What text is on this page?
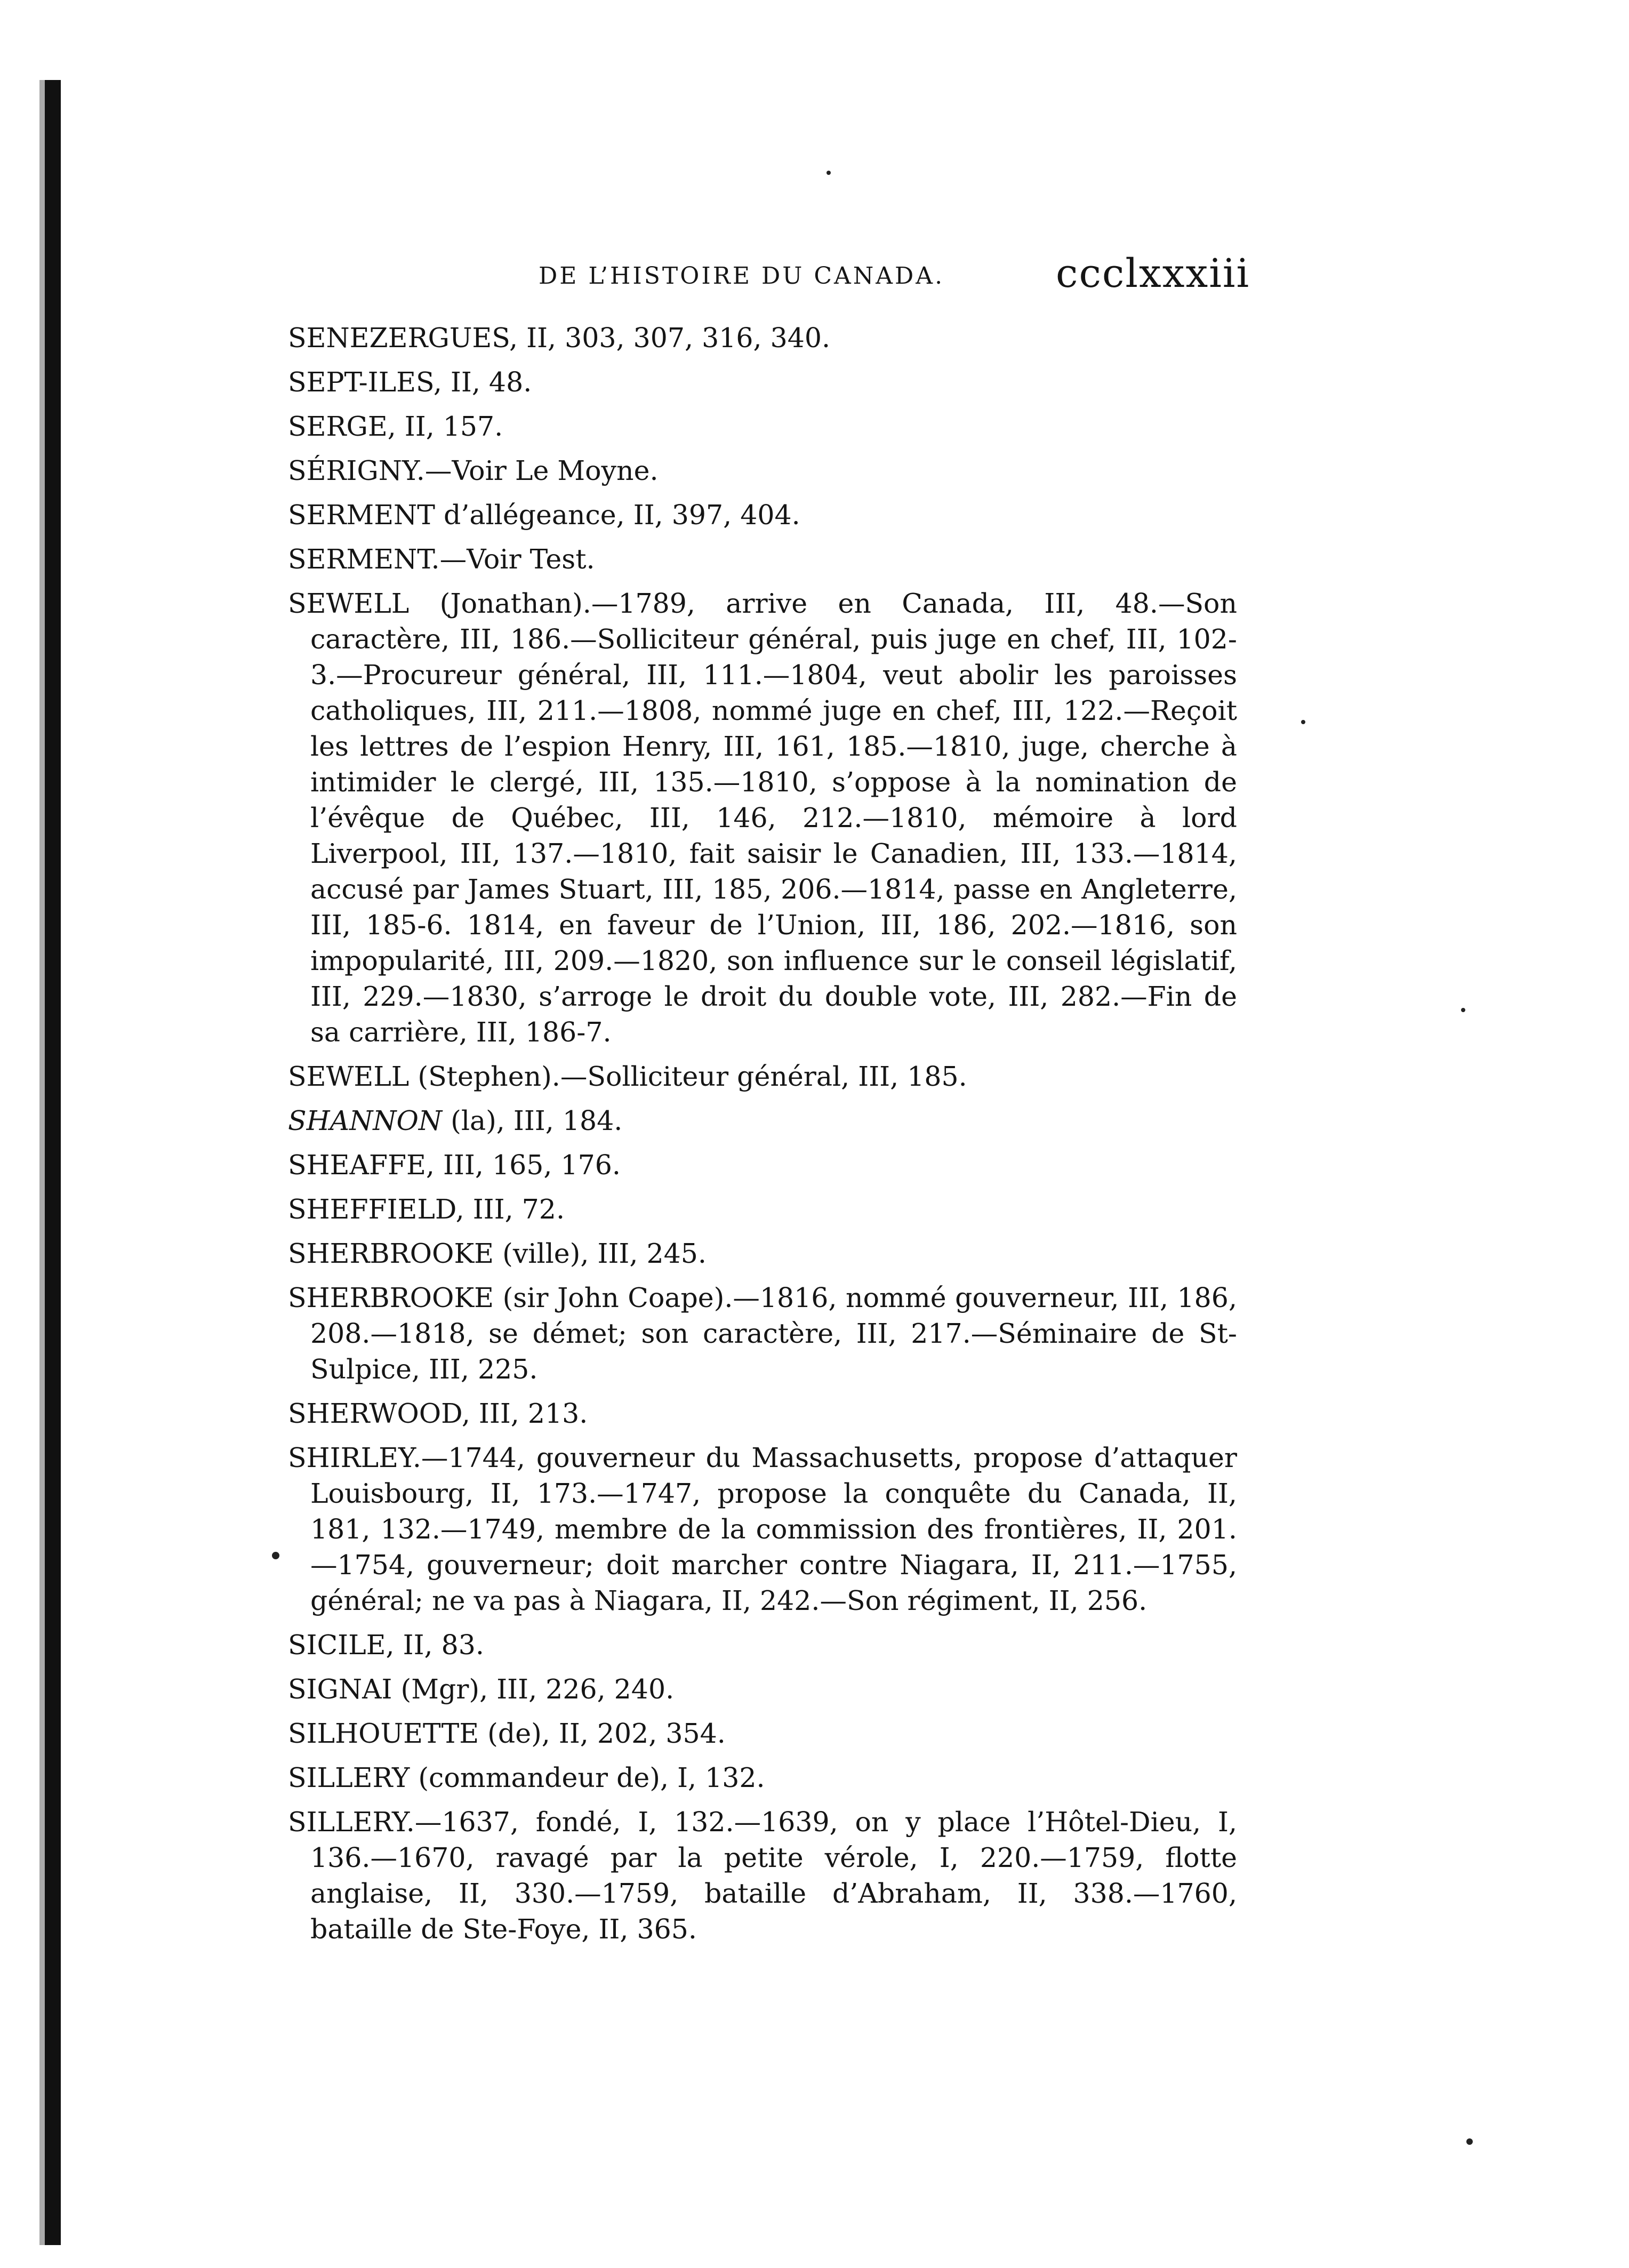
DE L’HISTOIRE DU CANADA.	ccclxxxiii

SENEZERGUES, II, 303, 307, 316, 340.

SEPT-ILES, II, 48.

SERGE, II, 157.

SÉRIGNY.—Voir Le Moyne.

SERMENT d’allégeance, II, 397, 404.

SERMENT.—Voir Test.

SEWELL (Jonathan).—1789, arrive en Canada, III, 48.—Son caractère, III, 186.—Solliciteur général, puis juge en chef, III, 102-3.—Procureur général, III, 111.—1804, veut abolir les paroisses catholiques, III, 211.—1808, nommé juge en chef, III, 122.—Reçoit les lettres de l’espion Henry, III, 161, 185.—1810, juge, cherche à intimider le clergé, III, 135.—1810, s’oppose à la nomination de l’évêque de Québec, III, 146, 212.—1810, mémoire à lord Liverpool, III, 137.—1810, fait saisir le Canadien, III, 133.—1814, accusé par James Stuart, III, 185, 206.—1814, passe en Angleterre, III, 185-6. 1814, en faveur de l’Union, III, 186, 202.—1816, son impopularité, III, 209.—1820, son influence sur le conseil législatif, III, 229.—1830, s’arroge le droit du double vote, III, 282.—Fin de sa carrière, III, 186-7.

SEWELL (Stephen).—Solliciteur général, III, 185.

SHANNON (la), III, 184.

SHEAFFE, III, 165, 176.

SHEFFIELD, III, 72.

SHERBROOKE (ville), III, 245.

SHERBROOKE (sir John Coape).—1816, nommé gouverneur, III, 186, 208.—1818, se démet; son caractère, III, 217.—Séminaire de St-Sulpice, III, 225.

SHERWOOD, III, 213.

SHIRLEY.—1744, gouverneur du Massachusetts, propose d’attaquer Louisbourg, II, 173.—1747, propose la conquête du Canada, II, 181, 132.—1749, membre de la commission des frontières, II, 201.—1754, gouverneur; doit marcher contre Niagara, II, 211.—1755, général; ne va pas à Niagara, II, 242.—Son régiment, II, 256.

SICILE, II, 83.

SIGNAI (Mgr), III, 226, 240.

SILHOUETTE (de), II, 202, 354.

SILLERY (commandeur de), I, 132.

SILLERY.—1637, fondé, I, 132.—1639, on y place l’Hôtel-Dieu, I, 136.—1670, ravagé par la petite vérole, I, 220.—1759, flotte anglaise, II, 330.—1759, bataille d’Abraham, II, 338.—1760, bataille de Ste-Foye, II, 365.
